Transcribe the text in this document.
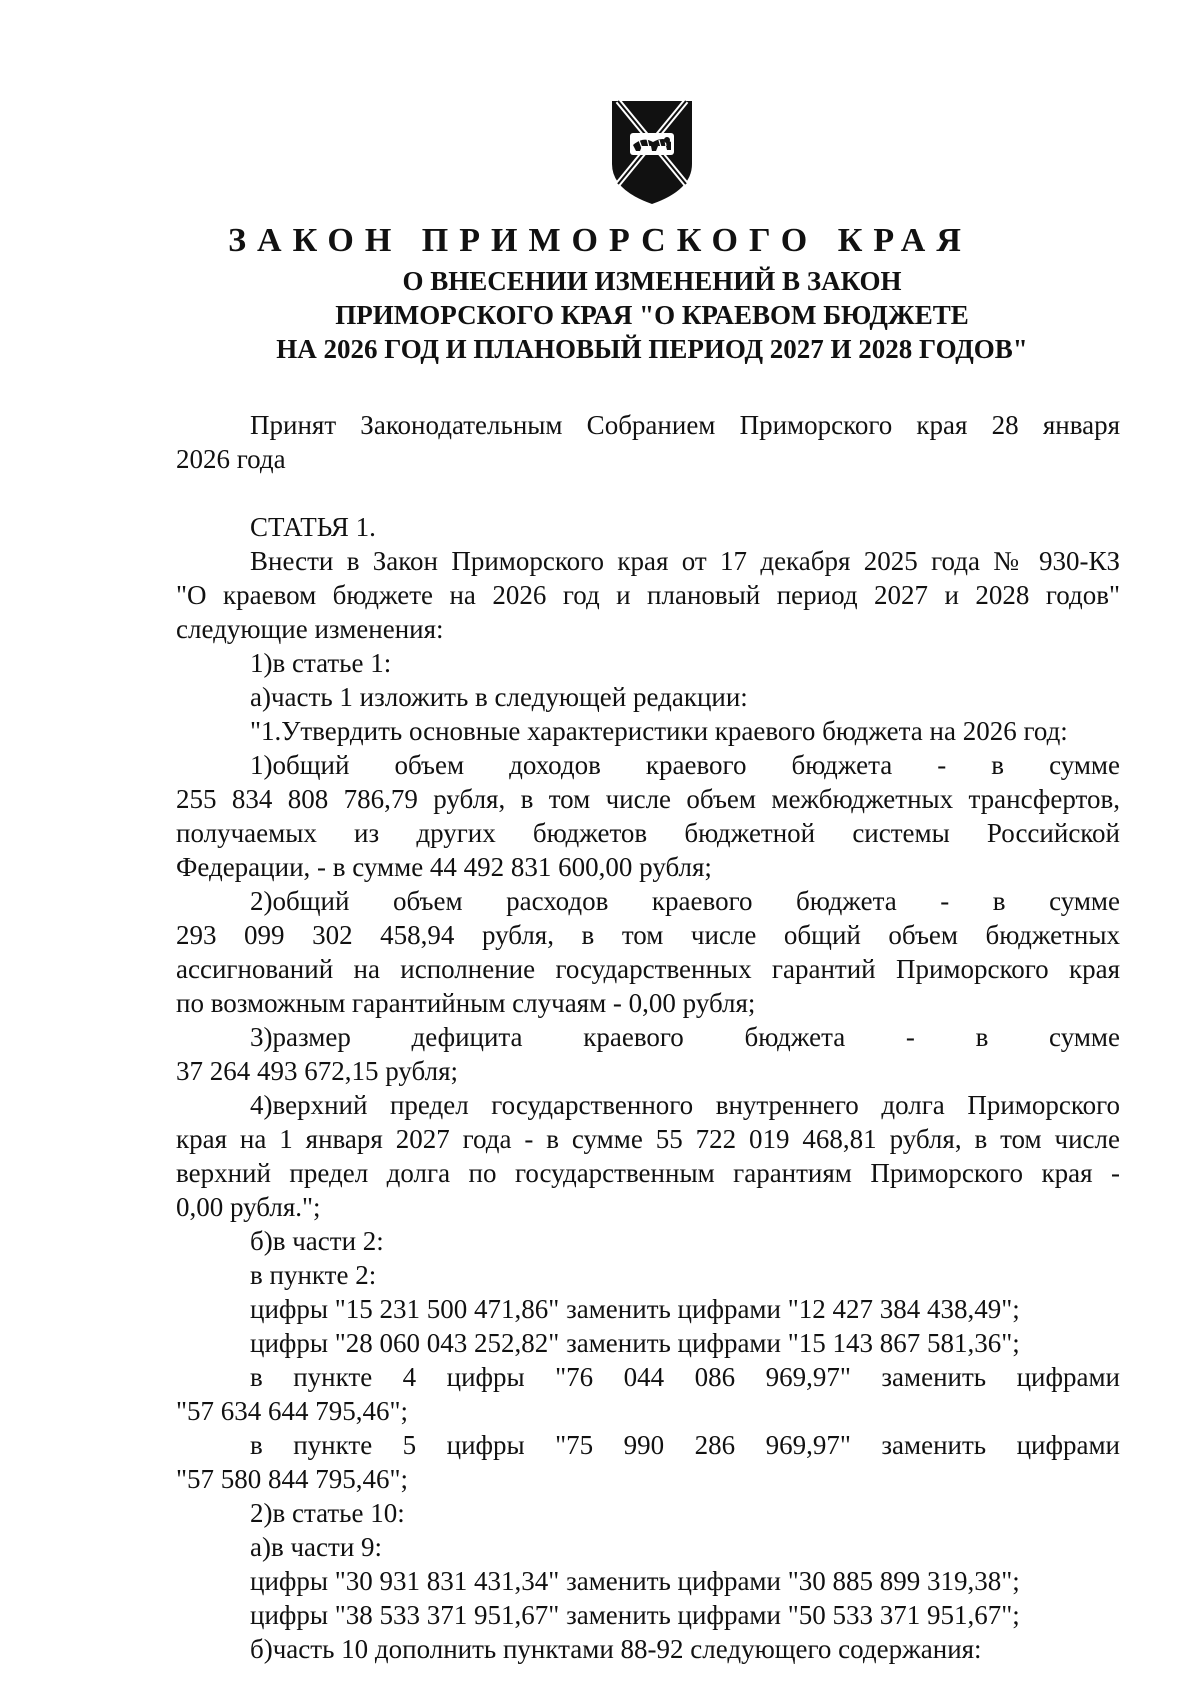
ЗАКОН ПРИМОРСКОГО КРАЯ

О ВНЕСЕНИИ ИЗМЕНЕНИЙ В ЗАКОН

ПРИМОРСКОГО КРАЯ "О КРАЕВОМ БЮДЖЕТЕ

НА 2026 ГОД И ПЛАНОВЫЙ ПЕРИОД 2027 И 2028 ГОДОВ"

Принят Законодательным Собранием Приморского края 28 января

2026 года

СТАТЬЯ 1.

Внести в Закон Приморского края от 17 декабря 2025 года № 930-КЗ

"О краевом бюджете на 2026 год и плановый период 2027 и 2028 годов"

следующие изменения:

1)в статье 1:

а)часть 1 изложить в следующей редакции:

"1.Утвердить основные характеристики краевого бюджета на 2026 год:

1)общий объем доходов краевого бюджета - в сумме

255 834 808 786,79 рубля, в том числе объем межбюджетных трансфертов,

получаемых из других бюджетов бюджетной системы Российской

Федерации, - в сумме 44 492 831 600,00 рубля;

2)общий объем расходов краевого бюджета - в сумме

293 099 302 458,94 рубля, в том числе общий объем бюджетных

ассигнований на исполнение государственных гарантий Приморского края

по возможным гарантийным случаям - 0,00 рубля;

3)размер дефицита краевого бюджета - в сумме

37 264 493 672,15 рубля;

4)верхний предел государственного внутреннего долга Приморского

края на 1 января 2027 года - в сумме 55 722 019 468,81 рубля, в том числе

верхний предел долга по государственным гарантиям Приморского края -

0,00 рубля.";

б)в части 2:

в пункте 2:

цифры "15 231 500 471,86" заменить цифрами "12 427 384 438,49";

цифры "28 060 043 252,82" заменить цифрами "15 143 867 581,36";

в пункте 4 цифры "76 044 086 969,97" заменить цифрами

"57 634 644 795,46";

в пункте 5 цифры "75 990 286 969,97" заменить цифрами

"57 580 844 795,46";

2)в статье 10:

а)в части 9:

цифры "30 931 831 431,34" заменить цифрами "30 885 899 319,38";

цифры "38 533 371 951,67" заменить цифрами "50 533 371 951,67";

б)часть 10 дополнить пунктами 88-92 следующего содержания:
